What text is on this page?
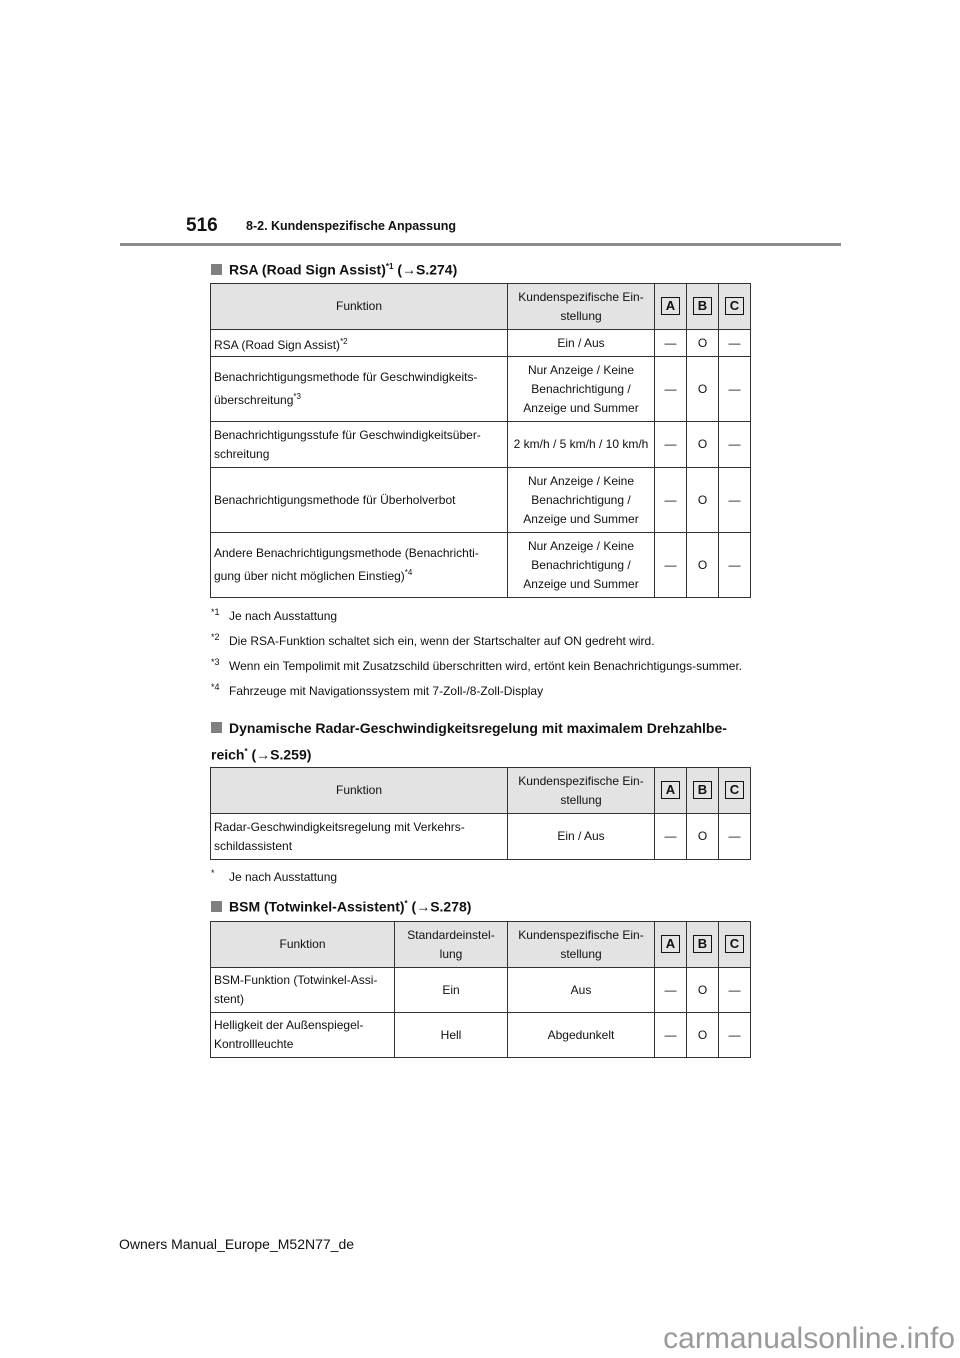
516 8-2. Kundenspezifische Anpassung
RSA (Road Sign Assist)$^{*1}$ (→S.274)
Funktion	Kundenspezifische Ein-stellung	A	B	C
RSA (Road Sign Assist)$^{*2}$	Ein / Aus	—	O	—
Benachrichtigungsmethode für Geschwindigkeits-überschreitung$^{*3}$	Nur Anzeige / Keine Benachrichtigung / Anzeige und Summer	—	O	—
Benachrichtigungsstufe für Geschwindigkeitsüber-schreitung	2 km/h / 5 km/h / 10 km/h	—	O	—
Benachrichtigungsmethode für Überholverbot	Nur Anzeige / Keine Benachrichtigung / Anzeige und Summer	—	O	—
Andere Benachrichtigungsmethode (Benachrichti-gung über nicht möglichen Einstieg)$^{*4}$	Nur Anzeige / Keine Benachrichtigung / Anzeige und Summer	—	O	—
$^{*1}$ Je nach Ausstattung
$^{*2}$ Die RSA-Funktion schaltet sich ein, wenn der Startschalter auf ON gedreht wird.
$^{*3}$ Wenn ein Tempolimit mit Zusatzschild überschritten wird, ertönt kein Benachrichtigungs-summer.
$^{*4}$ Fahrzeuge mit Navigationssystem mit 7-Zoll-/8-Zoll-Display
Dynamische Radar-Geschwindigkeitsregelung mit maximalem Drehzahlbe-reich* (→S.259)
Funktion	Kundenspezifische Ein-stellung	A	B	C
Radar-Geschwindigkeitsregelung mit Verkehrs-schildassistent	Ein / Aus	—	O	—
* Je nach Ausstattung
BSM (Totwinkel-Assistent)* (→S.278)
Funktion	Standardeinstel-lung	Kundenspezifische Ein-stellung	A	B	C
BSM-Funktion (Totwinkel-Assi-stent)	Ein	Aus	—	O	—
Helligkeit der Außenspiegel-Kontrollleuchte	Hell	Abgedunkelt	—	O	—
Owners Manual_Europe_M52N77_de
carmanualsonline.info
